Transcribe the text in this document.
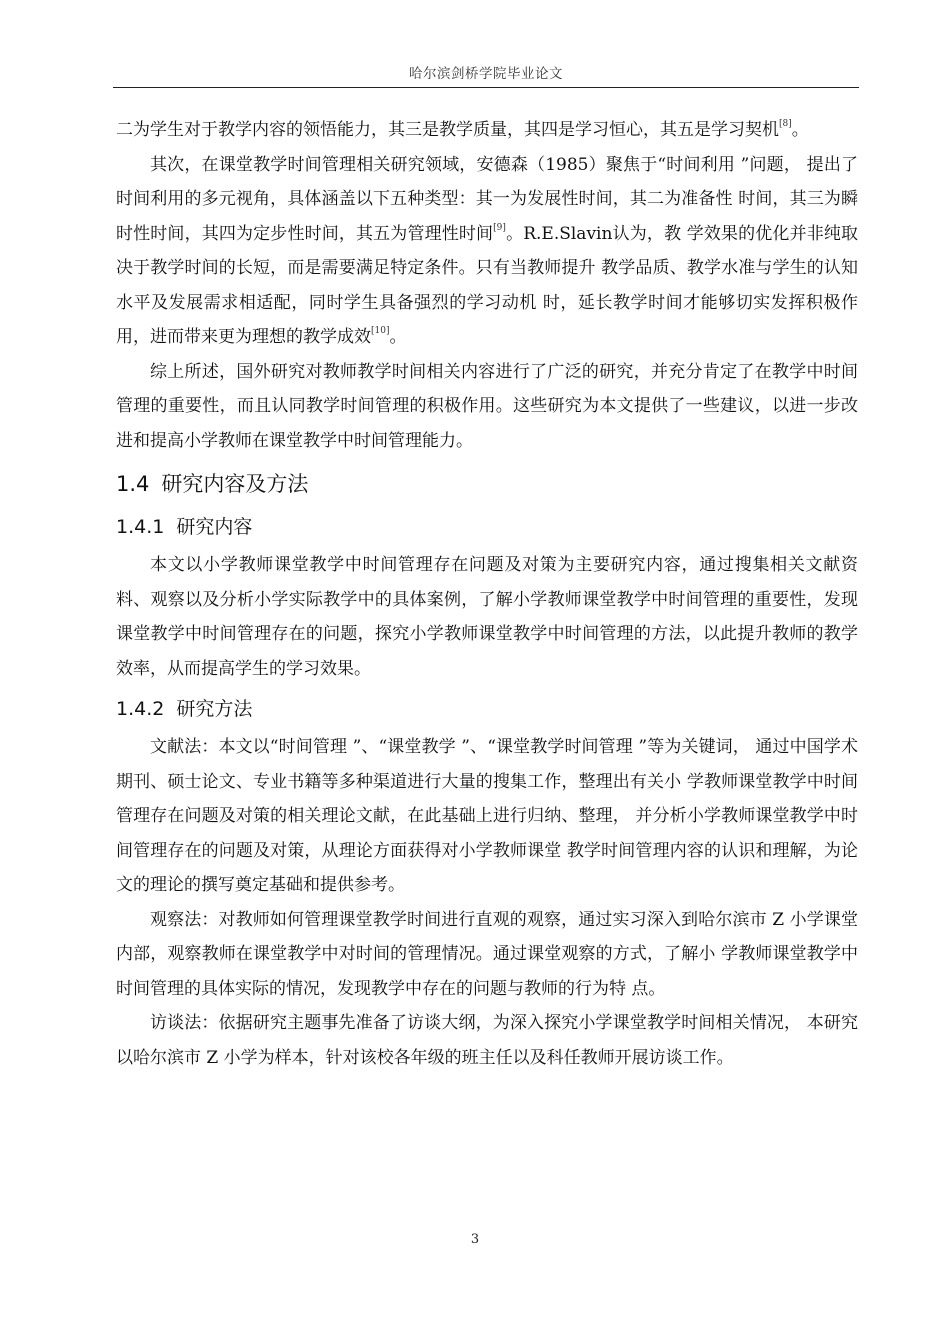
哈尔滨剑桥学院毕业论文

二为学生对于教学内容的领悟能力，其三是教学质量，其四是学习恒心，其五是学习契机[8]。

其次，在课堂教学时间管理相关研究领域，安德森（1985）聚焦于“时间利用 ”问题， 提出了时间利用的多元视角，具体涵盖以下五种类型：其一为发展性时间，其二为准备性 时间，其三为瞬时性时间，其四为定步性时间，其五为管理性时间[9]。R.E.Slavin认为，教 学效果的优化并非纯取决于教学时间的长短，而是需要满足特定条件。只有当教师提升 教学品质、教学水准与学生的认知水平及发展需求相适配，同时学生具备强烈的学习动机 时，延长教学时间才能够切实发挥积极作用，进而带来更为理想的教学成效[10]。

综上所述，国外研究对教师教学时间相关内容进行了广泛的研究，并充分肯定了在教学中时间管理的重要性，而且认同教学时间管理的积极作用。这些研究为本文提供了一些建议，以进一步改进和提高小学教师在课堂教学中时间管理能力。

1.4 研究内容及方法
1.4.1 研究内容

本文以小学教师课堂教学中时间管理存在问题及对策为主要研究内容，通过搜集相关文献资料、观察以及分析小学实际教学中的具体案例，了解小学教师课堂教学中时间管理的重要性，发现课堂教学中时间管理存在的问题，探究小学教师课堂教学中时间管理的方法，以此提升教师的教学效率，从而提高学生的学习效果。

1.4.2 研究方法

文献法：本文以“时间管理 ”、“课堂教学 ”、“课堂教学时间管理 ”等为关键词， 通过中国学术期刊、硕士论文、专业书籍等多种渠道进行大量的搜集工作，整理出有关小 学教师课堂教学中时间管理存在问题及对策的相关理论文献，在此基础上进行归纳、整理， 并分析小学教师课堂教学中时间管理存在的问题及对策，从理论方面获得对小学教师课堂 教学时间管理内容的认识和理解，为论文的理论的撰写奠定基础和提供参考。

观察法：对教师如何管理课堂教学时间进行直观的观察，通过实习深入到哈尔滨市 Z 小学课堂内部，观察教师在课堂教学中对时间的管理情况。通过课堂观察的方式，了解小 学教师课堂教学中时间管理的具体实际的情况，发现教学中存在的问题与教师的行为特 点。

访谈法：依据研究主题事先准备了访谈大纲，为深入探究小学课堂教学时间相关情况， 本研究以哈尔滨市 Z 小学为样本，针对该校各年级的班主任以及科任教师开展访谈工作。

3
